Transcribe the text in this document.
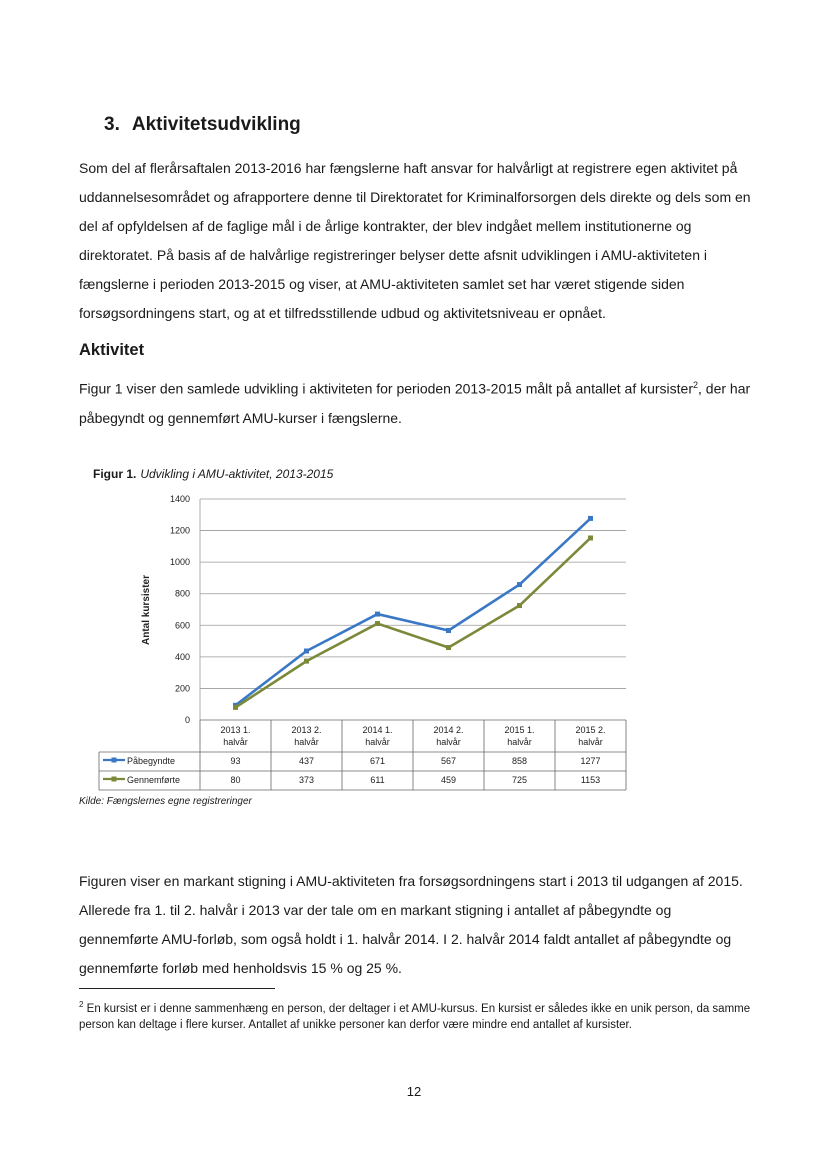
3. Aktivitetsudvikling

Som del af flerårsaftalen 2013-2016 har fængslerne haft ansvar for halvårligt at registrere egen aktivitet på uddannelsesområdet og afrapportere denne til Direktoratet for Kriminalforsorgen dels direkte og dels som en del af opfyldelsen af de faglige mål i de årlige kontrakter, der blev indgået mellem institutionerne og direktoratet. På basis af de halvårlige registreringer belyser dette afsnit udviklingen i AMU-aktiviteten i fængslerne i perioden 2013-2015 og viser, at AMU-aktiviteten samlet set har været stigende siden forsøgsordningens start, og at et tilfredsstillende udbud og aktivitetsniveau er opnået.

Aktivitet

Figur 1 viser den samlede udvikling i aktiviteten for perioden 2013-2015 målt på antallet af kursister$^2$, der har påbegyndt og gennemført AMU-kurser i fængslerne.

Figur 1. Udvikling i AMU-aktivitet, 2013-2015
0
200
400
600
800
1000
1200
1400
Antal kursister
2013 1.
halvår
2013 2.
halvår
2014 1.
halvår
2014 2.
halvår
2015 1.
halvår
2015 2.
halvår
Påbegyndte	93	437	671	567	858	1277
Gennemførte	80	373	611	459	725	1153
Kilde: Fængslernes egne registreringer

Figuren viser en markant stigning i AMU-aktiviteten fra forsøgsordningens start i 2013 til udgangen af 2015. Allerede fra 1. til 2. halvår i 2013 var der tale om en markant stigning i antallet af påbegyndte og gennemførte AMU-forløb, som også holdt i 1. halvår 2014. I 2. halvår 2014 faldt antallet af påbegyndte og gennemførte forløb med henholdsvis 15 % og 25 %.

$^2$ En kursist er i denne sammenhæng en person, der deltager i et AMU-kursus. En kursist er således ikke en unik person, da samme person kan deltage i flere kurser. Antallet af unikke personer kan derfor være mindre end antallet af kursister.

12
